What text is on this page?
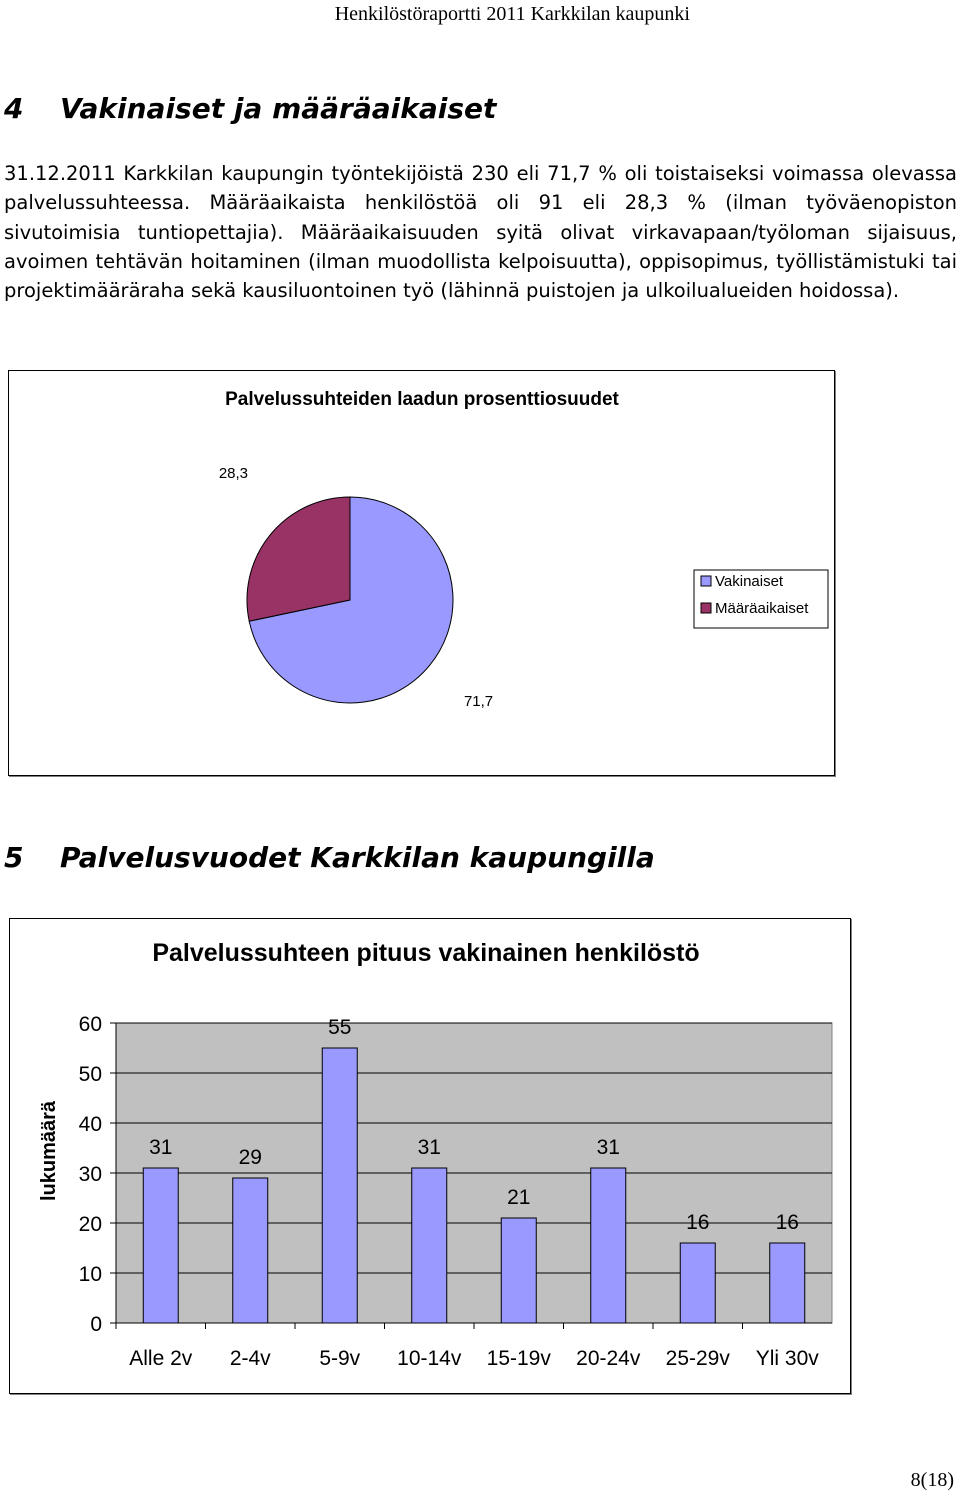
Henkilöstöraportti 2011 Karkkilan kaupunki
4 Vakinaiset ja määräaikaiset

31.12.2011 Karkkilan kaupungin työntekijöistä 230 eli 71,7 % oli toistaiseksi voimassa olevassa palvelussuhteessa. Määräaikaista henkilöstöä oli 91 eli 28,3 % (ilman työväenopiston sivutoimisia tuntiopettajia). Määräaikaisuuden syitä olivat virkavapaan/työloman sijaisuus, avoimen tehtävän hoitaminen (ilman muodollista kelpoisuutta), oppisopimus, työllistämistuki tai projektimääräraha sekä kausiluontoinen työ (lähinnä puistojen ja ulkoilualueiden hoidossa).

Palvelussuhteiden laadun prosenttiosuudet
71,7
28,3
Vakinaiset
Määräaikaiset
5 Palvelusvuodet Karkkilan kaupungilla
Palvelussuhteen pituus vakinainen henkilöstö
lukumäärä
0
10
20
30
40
50
60
Alle 2v 2-4v 5-9v 10-14v 15-19v 20-24v 25-29v Yli 30v
31	29
55
31
21
31
16	16
8(18)
